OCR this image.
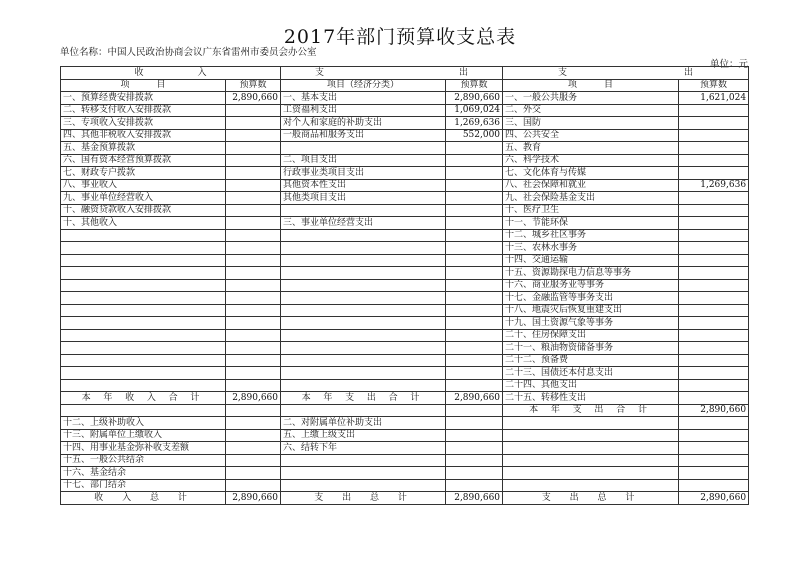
2017年部门预算收支总表
单位名称：中国人民政治协商会议广东省雷州市委员会办公室
单位：元
收　　　　　　入		支　　　　　　　　　　　　　　　出		支　　　　　　　　　　　　　出	
项　　　目	预算数	项目（经济分类）	预算数	项　　　目	预算数
一、预算经费安排拨款	2,890,660	一、基本支出	2,890,660	一、一般公共服务	1,621,024
二、转移支付收入安排拨款		工资福利支出	1,069,024	二、外交	
三、专项收入安排拨款		对个人和家庭的补助支出	1,269,636	三、国防	
四、其他非税收入安排拨款		一般商品和服务支出	552,000	四、公共安全	
五、基金预算拨款				五、教育	
六、国有资本经营预算拨款		二、项目支出		六、科学技术	
七、财政专户拨款		行政事业类项目支出		七、文化体育与传媒	
八、事业收入		其他资本性支出		八、社会保障和就业	1,269,636
九、事业单位经营收入		其他类项目支出		九、社会保险基金支出	
十、融资贷款收入安排拨款				十、医疗卫生	
十、其他收入		三、事业单位经营支出		十一、节能环保	
				十二、城乡社区事务	
				十三、农林水事务	
				十四、交通运输	
				十五、资源勘探电力信息等事务	
				十六、商业服务业等事务	
				十七、金融监管等事务支出	
				十八、地震灾后恢复重建支出	
				十九、国土资源气象等事务	
				二十、住房保障支出	
				二十一、粮油物资储备事务	
				二十二、预备费	
				二十三、国债还本付息支出	
				二十四、其他支出	
本 年 收 入 合 计	2,890,660	本 年 支 出 合 计	2,890,660	二十五、转移性支出	
				本 年 支 出 合 计	2,890,660
十二、上级补助收入		二、对附属单位补助支出			
十三、附属单位上缴收入		五、上缴上级支出			
十四、用事业基金弥补收支差额		六、结转下年			
十五、一般公共结余					
十六、基金结余					
十七、部门结余					
收　入　总　计	2,890,660	支　出　总　计	2,890,660	支　出　总　计	2,890,660
